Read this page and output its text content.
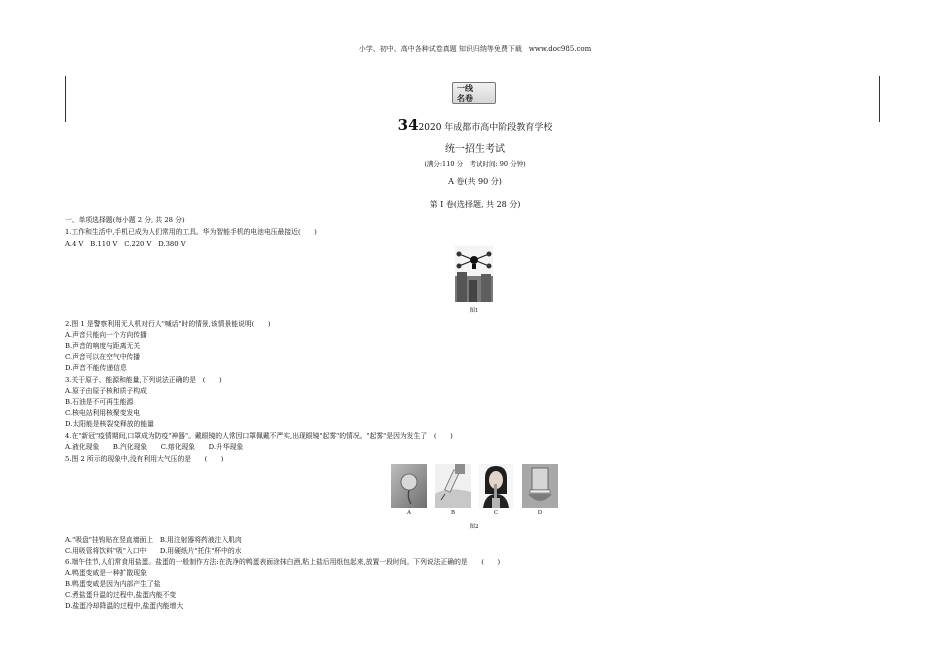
小学、初中、高中各种试卷真题 知识归纳等免费下载　www.doc985.com
一线
名卷
342020 年成都市高中阶段教育学校
统一招生考试
(满分:110 分　考试时间: 90 分钟)
A 卷(共 90 分)
第 Ⅰ 卷(选择题, 共 28 分)
一、单项选择题(每小题 2 分, 共 28 分)
1.工作和生活中,手机已成为人们常用的工具。华为智能手机的电池电压最接近(　　)
A.4 V　B.110 V　C.220 V　D.380 V
图1
2.图 1 是警察利用无人机对行人"喊话"时的情景,该情景能说明(　　)
A.声音只能向一个方向传播
B.声音的响度与距离无关
C.声音可以在空气中传播
D.声音不能传递信息
3.关于原子、能源和能量,下列说法正确的是　(　　)
A.原子由原子核和质子构成
B.石油是不可再生能源
C.核电站利用核聚变发电
D.太阳能是核裂变释放的能量
4.在"新冠"疫情期间,口罩成为防疫"神器"。戴眼镜的人常因口罩佩戴不严实,出现眼镜"起雾"的情况。"起雾"是因为发生了　(　　)
A.液化现象　　B.汽化现象　　C.熔化现象　　D.升华现象
5.图 2 所示的现象中,没有利用大气压的是　　(　　)
A	B	C	D
图2
A."吸盘"挂钩贴在竖直墙面上　B.用注射器将药液注入肌肉
C.用吸管将饮料"吸"入口中　　D.用硬纸片"托住"杯中的水
6.端午佳节,人们常食用盐蛋。盐蛋的一般制作方法:在洗净的鸭蛋表面涂抹白酒,粘上盐后用纸包起来,放置一段时间。下列说法正确的是　　(　　)
A.鸭蛋变咸是一种扩散现象
B.鸭蛋变咸是因为内部产生了盐
C.煮盐蛋升温的过程中,盐蛋内能不变
D.盐蛋冷却降温的过程中,盐蛋内能增大
